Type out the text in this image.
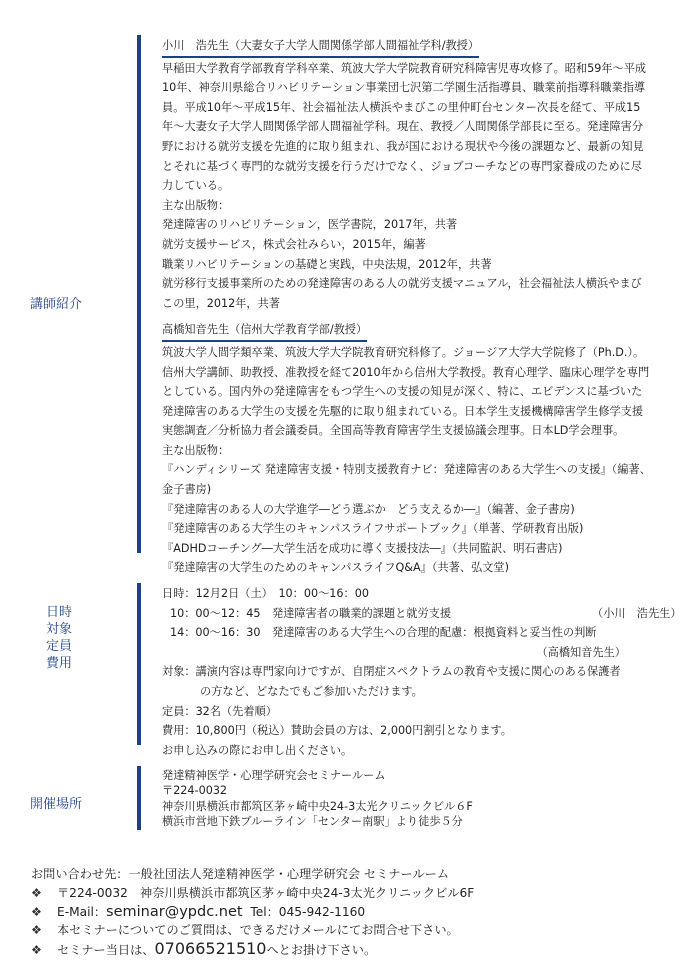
講師紹介
日時
対象
定員
費用
開催場所

小川　浩先生（大妻女子大学人間関係学部人間福祉学科/教授）

早稲田大学教育学部教育学科卒業、筑波大学大学院教育研究科障害児専攻修了。昭和59年〜平成

10年、神奈川県総合リハビリテーション事業団七沢第二学園生活指導員、職業前指導科職業指導

員。平成10年〜平成15年、社会福祉法人横浜やまびこの里仲町台センター次長を経て、平成15

年〜大妻女子大学人間関係学部人間福祉学科。現在、教授／人間関係学部長に至る。発達障害分

野における就労支援を先進的に取り組まれ、我が国における現状や今後の課題など、最新の知見

とそれに基づく専門的な就労支援を行うだけでなく、ジョブコーチなどの専門家養成のために尽

力している。

主な出版物：

発達障害のリハビリテーション，医学書院，2017年，共著

就労支援サービス，株式会社みらい，2015年，編著

職業リハビリテーションの基礎と実践，中央法規，2012年，共著

就労移行支援事業所のための発達障害のある人の就労支援マニュアル，社会福祉法人横浜やまび

この里，2012年，共著

高橋知音先生（信州大学教育学部/教授）

筑波大学人間学類卒業、筑波大学大学院教育研究科修了。ジョージア大学大学院修了（Ph.D.）。

信州大学講師、助教授、准教授を経て2010年から信州大学教授。教育心理学、臨床心理学を専門

としている。国内外の発達障害をもつ学生への支援の知見が深く、特に、エビデンスに基づいた

発達障害のある大学生の支援を先駆的に取り組まれている。日本学生支援機構障害学生修学支援

実態調査／分析協力者会議委員。全国高等教育障害学生支援協議会理事。日本LD学会理事。

主な出版物：

『ハンディシリーズ 発達障害支援・特別支援教育ナビ：発達障害のある大学生への支援』（編著、

金子書房)

『発達障害のある人の大学進学―どう選ぶか　どう支えるか―』（編著、金子書房)

『発達障害のある大学生のキャンパスライフサポートブック』（単著、学研教育出版)

『ADHDコーチング―大学生活を成功に導く支援技法―』（共同監訳、明石書店)

『発達障害の大学生のためのキャンパスライフQ&A』（共著、弘文堂)

日時：12月2日（土）　10：00〜16：00

10：00〜12：45	発達障害者の職業的課題と就労支援	（小川　浩先生）
14：00〜16：30	発達障害のある大学生への合理的配慮：根拠資料と妥当性の判断

（高橋知音先生）

対象：講演内容は専門家向けですが、自閉症スペクトラムの教育や支援に関心のある保護者

の方など、どなたでもご参加いただけます。

定員：32名（先着順）

費用：10,800円（税込）賛助会員の方は、2,000円割引となります。

お申し込みの際にお申し出ください。

発達精神医学・心理学研究会セミナールーム

〒224-0032

神奈川県横浜市都筑区茅ヶ崎中央24-3太光クリニックビル６F

横浜市営地下鉄ブルーライン「センター南駅」より徒歩５分

お問い合わせ先：一般社団法人発達精神医学・心理学研究会 セミナールーム

❖ 〒224-0032　神奈川県横浜市都筑区茅ヶ崎中央24-3太光クリニックビル6F

❖ E-Mail：seminar@ypdc.net Tel：045-942-1160

❖ 本セミナーについてのご質問は、できるだけメールにてお問合せ下さい。

❖ セミナー当日は、07066521510へとお掛け下さい。
